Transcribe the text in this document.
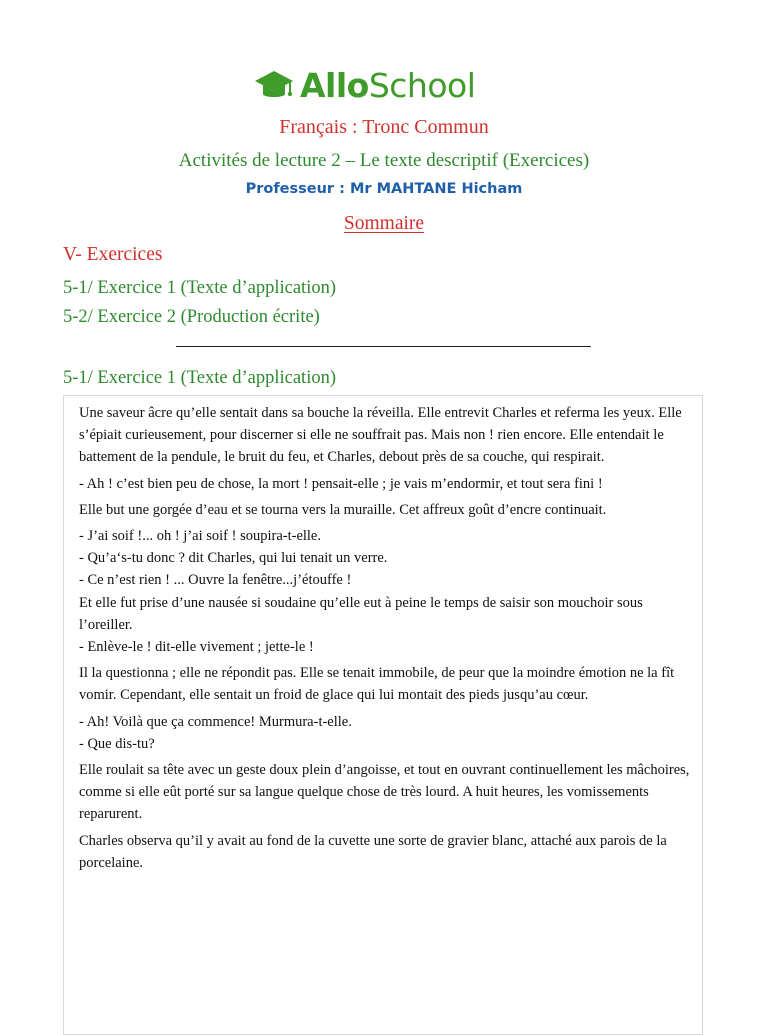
AlloSchool
Français : Tronc Commun
Activités de lecture 2 – Le texte descriptif (Exercices)
Professeur : Mr MAHTANE Hicham
Sommaire
V- Exercices
5-1/ Exercice 1 (Texte d’application)
5-2/ Exercice 2 (Production écrite)
5-1/ Exercice 1 (Texte d’application)

Une saveur âcre qu’elle sentait dans sa bouche la réveilla. Elle entrevit Charles et referma les yeux. Elle s’épiait curieusement, pour discerner si elle ne souffrait pas. Mais non ! rien encore. Elle entendait le battement de la pendule, le bruit du feu, et Charles, debout près de sa couche, qui respirait.

- Ah ! c’est bien peu de chose, la mort ! pensait-elle ; je vais m’endormir, et tout sera fini !

Elle but une gorgée d’eau et se tourna vers la muraille. Cet affreux goût d’encre continuait.

- J’ai soif !... oh ! j’ai soif ! soupira-t-elle.

- Qu’a‘s-tu donc ? dit Charles, qui lui tenait un verre.

- Ce n’est rien ! ... Ouvre la fenêtre...j’étouffe !

Et elle fut prise d’une nausée si soudaine qu’elle eut à peine le temps de saisir son mouchoir sous l’oreiller.

- Enlève-le ! dit-elle vivement ; jette-le !

Il la questionna ; elle ne répondit pas. Elle se tenait immobile, de peur que la moindre émotion ne la fît vomir. Cependant, elle sentait un froid de glace qui lui montait des pieds jusqu’au cœur.

- Ah! Voilà que ça commence! Murmura-t-elle.

- Que dis-tu?

Elle roulait sa tête avec un geste doux plein d’angoisse, et tout en ouvrant continuellement les mâchoires, comme si elle eût porté sur sa langue quelque chose de très lourd. A huit heures, les vomissements reparurent.

Charles observa qu’il y avait au fond de la cuvette une sorte de gravier blanc, attaché aux parois de la porcelaine.
